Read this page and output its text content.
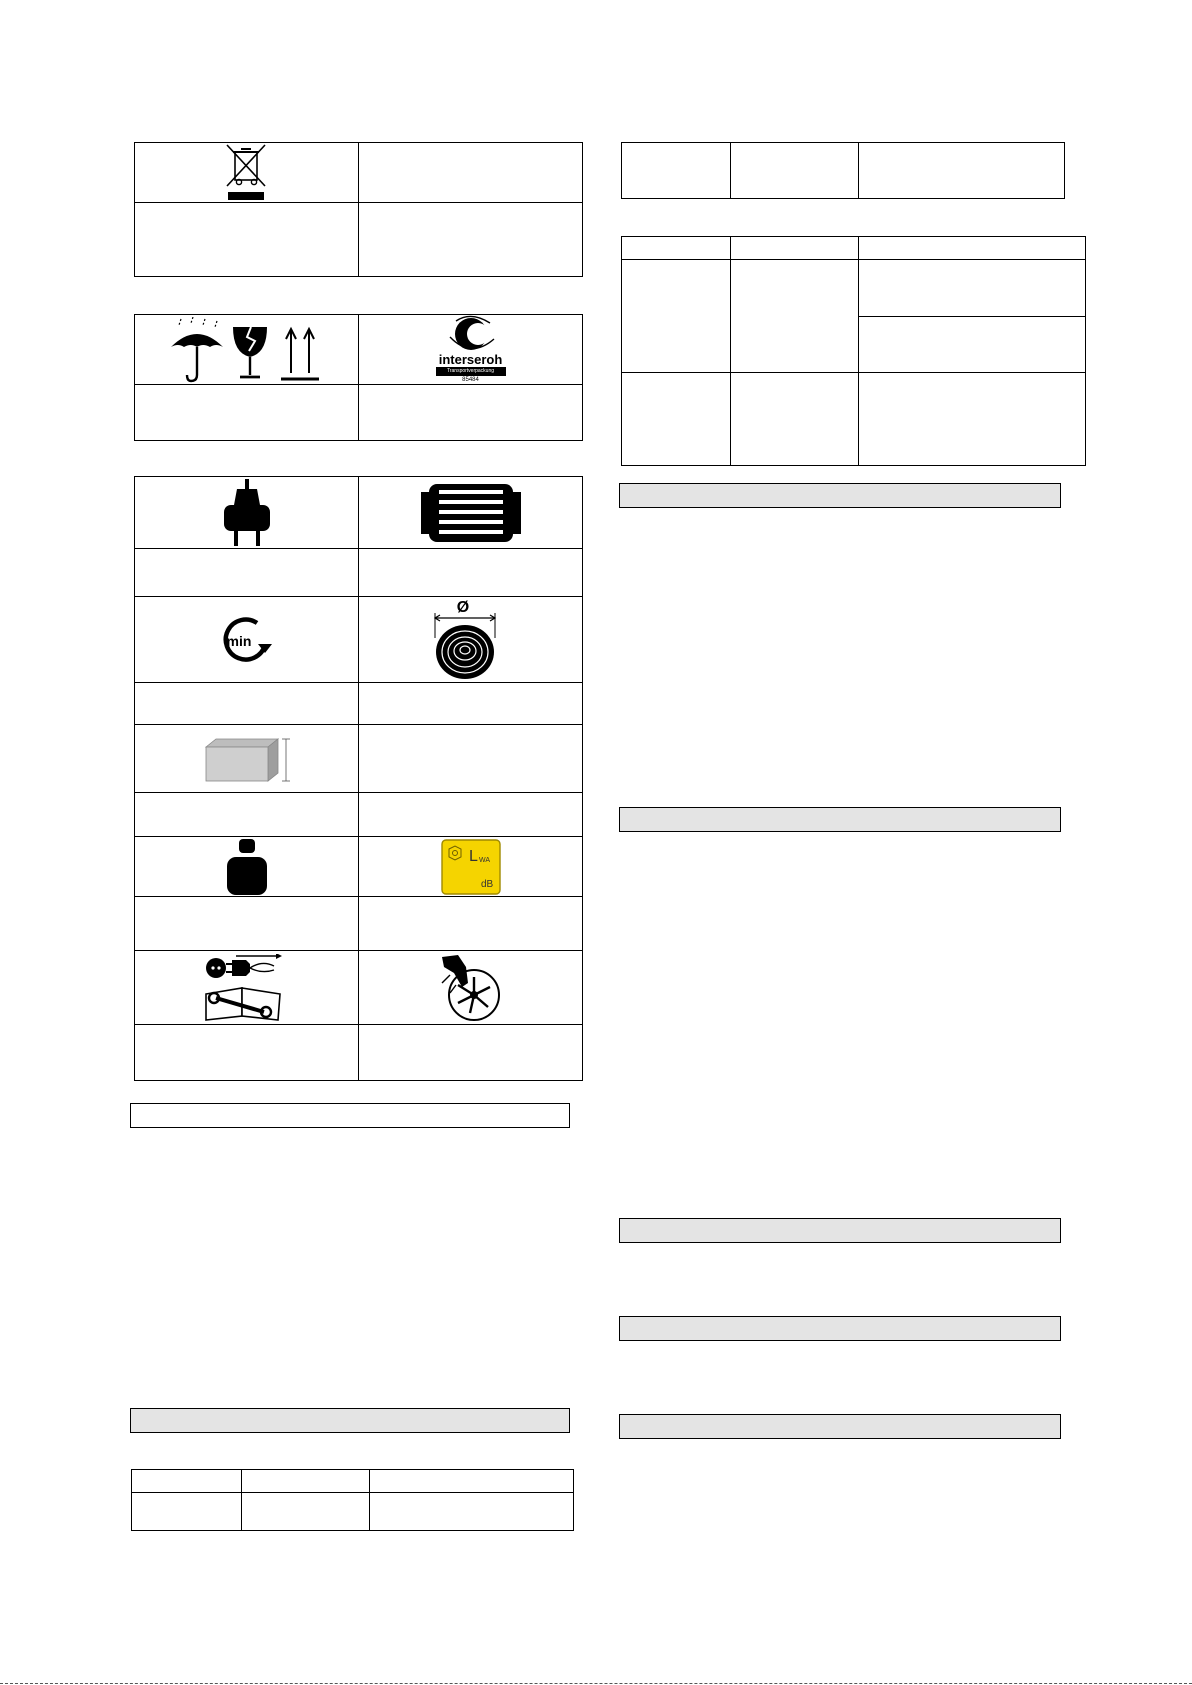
interseroh
Transportverpackung
85484

min	Ø

L WA
dB
